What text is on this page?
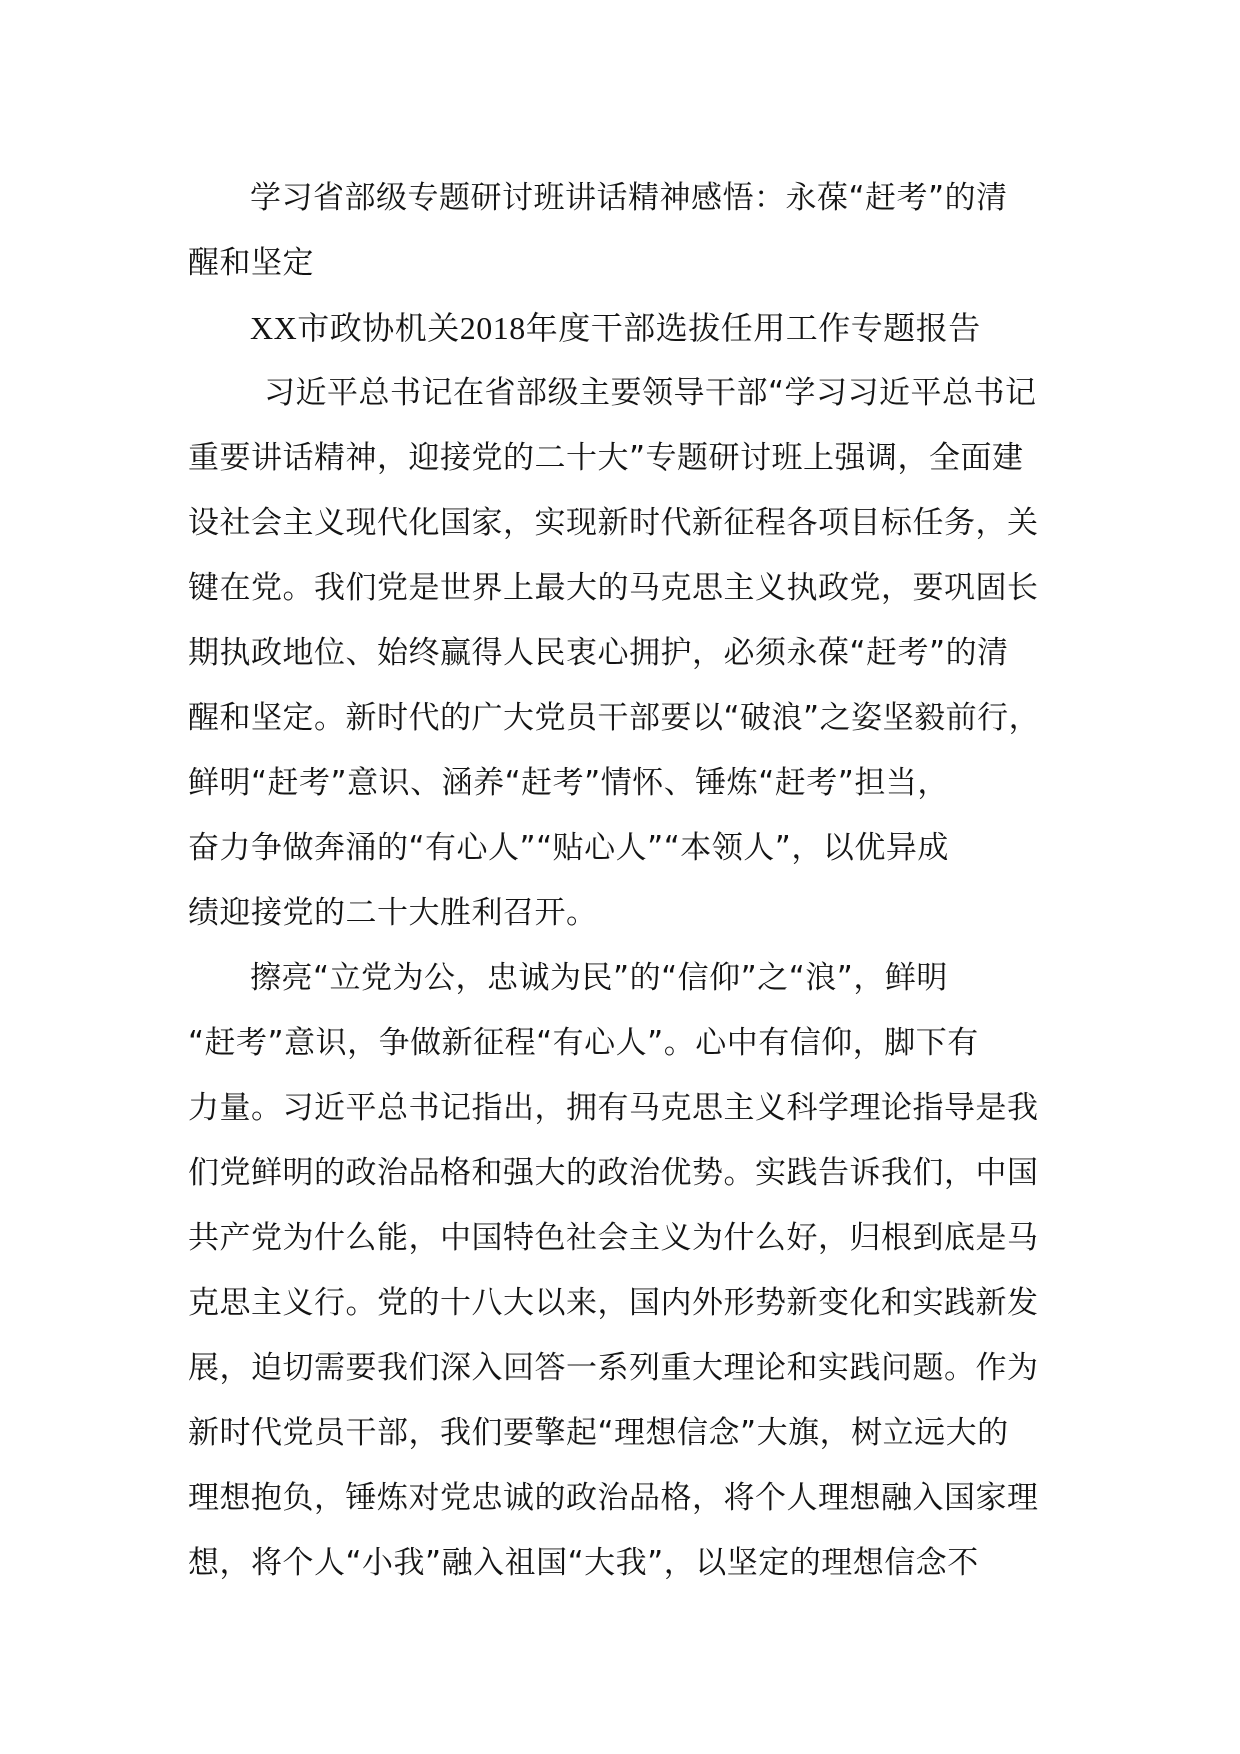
学习省部级专题研讨班讲话精神感悟：永葆“赶考”的清
醒和坚定
XX市政协机关2018年度干部选拔任用工作专题报告
习近平总书记在省部级主要领导干部“学习习近平总书记
重要讲话精神，迎接党的二十大”专题研讨班上强调，全面建
设社会主义现代化国家，实现新时代新征程各项目标任务，关
键在党。我们党是世界上最大的马克思主义执政党，要巩固长
期执政地位、始终赢得人民衷心拥护，必须永葆“赶考”的清
醒和坚定。新时代的广大党员干部要以“破浪”之姿坚毅前行，
鲜明“赶考”意识、涵养“赶考”情怀、锤炼“赶考”担当，
奋力争做奔涌的“有心人”“贴心人”“本领人”，以优异成
绩迎接党的二十大胜利召开。
擦亮“立党为公，忠诚为民”的“信仰”之“浪”，鲜明
“赶考”意识，争做新征程“有心人”。心中有信仰，脚下有
力量。习近平总书记指出，拥有马克思主义科学理论指导是我
们党鲜明的政治品格和强大的政治优势。实践告诉我们，中国
共产党为什么能，中国特色社会主义为什么好，归根到底是马
克思主义行。党的十八大以来，国内外形势新变化和实践新发
展，迫切需要我们深入回答一系列重大理论和实践问题。作为
新时代党员干部，我们要擎起“理想信念”大旗，树立远大的
理想抱负，锤炼对党忠诚的政治品格，将个人理想融入国家理
想，将个人“小我”融入祖国“大我”，以坚定的理想信念不
